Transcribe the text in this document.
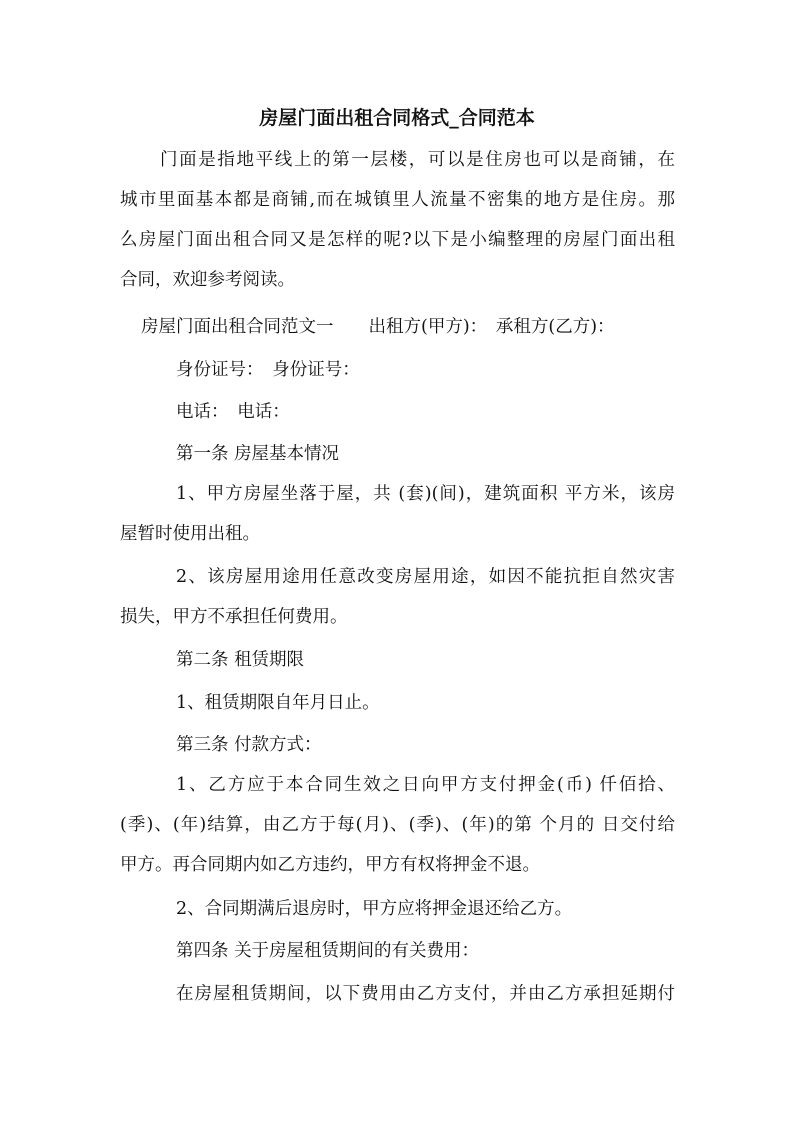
房屋门面出租合同格式_合同范本
门面是指地平线上的第一层楼，可以是住房也可以是商铺，在
城市里面基本都是商铺,而在城镇里人流量不密集的地方是住房。那
么房屋门面出租合同又是怎样的呢?以下是小编整理的房屋门面出租
合同，欢迎参考阅读。
房屋门面出租合同范文一　　出租方(甲方)：　承租方(乙方)：
身份证号：　身份证号：
电话：　电话：
第一条 房屋基本情况
1、甲方房屋坐落于屋，共 (套)(间)，建筑面积 平方米，该房
屋暂时使用出租。
2、该房屋用途用任意改变房屋用途，如因不能抗拒自然灾害
损失，甲方不承担任何费用。
第二条 租赁期限
1、租赁期限自年月日止。
第三条 付款方式：
1、乙方应于本合同生效之日向甲方支付押金(币) 仟佰拾、
(季)、(年)结算，由乙方于每(月)、(季)、(年)的第 个月的 日交付给
甲方。再合同期内如乙方违约，甲方有权将押金不退。
2、合同期满后退房时，甲方应将押金退还给乙方。
第四条 关于房屋租赁期间的有关费用：
在房屋租赁期间，以下费用由乙方支付，并由乙方承担延期付
